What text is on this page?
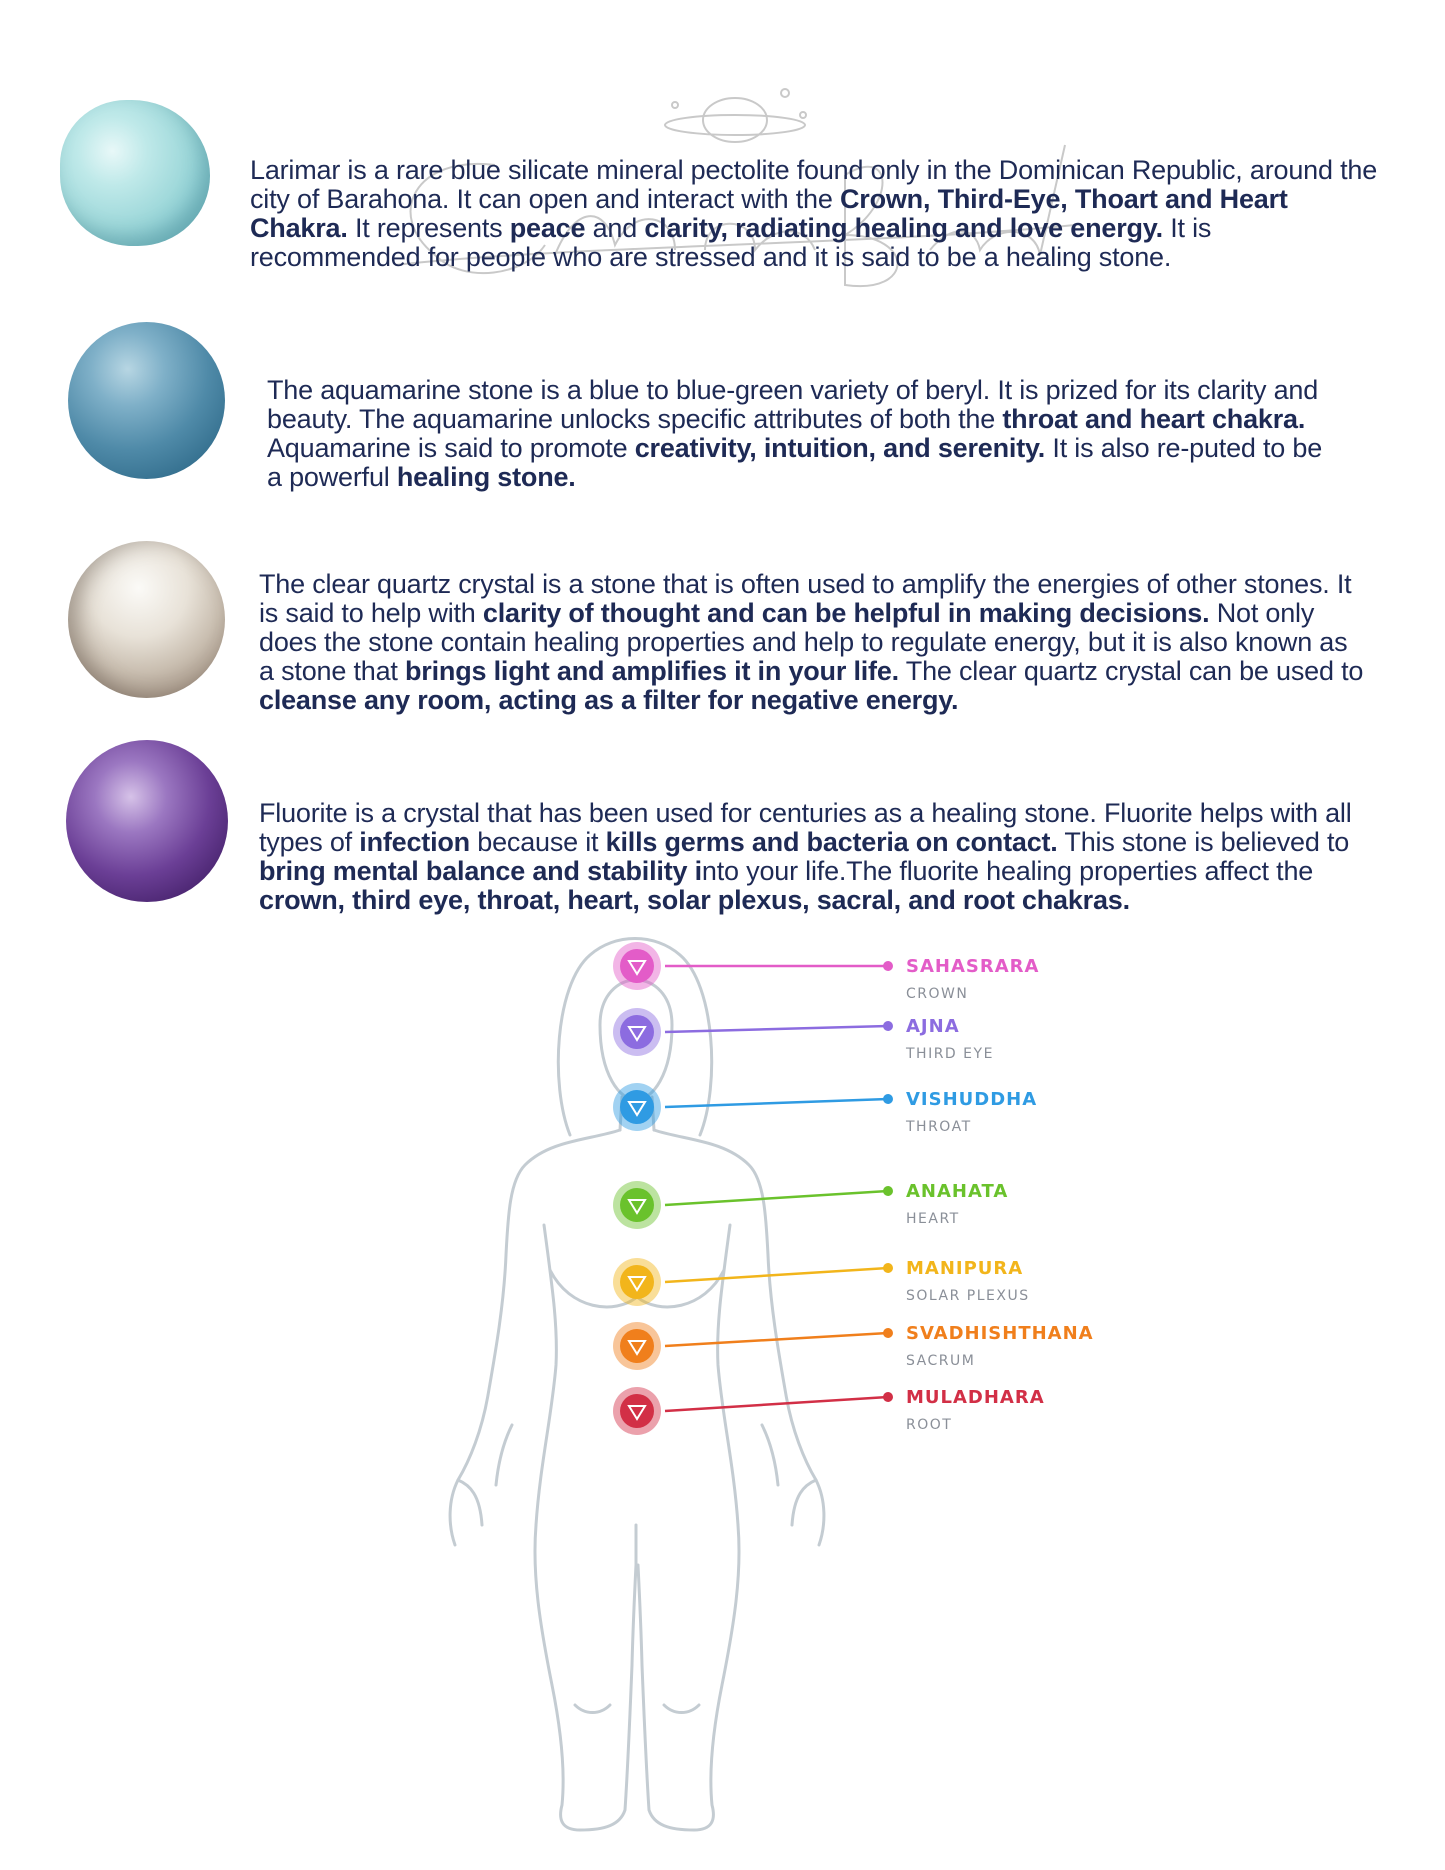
Larimar is a rare blue silicate mineral pectolite found only in the Dominican Republic, around the city of Barahona. It can open and interact with the Crown, Third-Eye, Thoart and Heart Chakra. It represents peace and clarity, radiating healing and love energy. It is recommended for people who are stressed and it is said to be a healing stone.

The aquamarine stone is a blue to blue-green variety of beryl. It is prized for its clarity and beauty. The aquamarine unlocks specific attributes of both the throat and heart chakra. Aquamarine is said to promote creativity, intuition, and serenity. It is also re-puted to be a powerful healing stone.

The clear quartz crystal is a stone that is often used to amplify the energies of other stones. It is said to help with clarity of thought and can be helpful in making decisions. Not only does the stone contain healing properties and help to regulate energy, but it is also known as a stone that brings light and amplifies it in your life. The clear quartz crystal can be used to cleanse any room, acting as a filter for negative energy.

Fluorite is a crystal that has been used for centuries as a healing stone. Fluorite helps with all types of infection because it kills germs and bacteria on contact. This stone is believed to bring mental balance and stability into your life.The fluorite healing properties affect the crown, third eye, throat, heart, solar plexus, sacral, and root chakras.

SAHASRARA
CROWN
AJNA
THIRD EYE
VISHUDDHA
THROAT
ANAHATA
HEART
MANIPURA
SOLAR PLEXUS
SVADHISHTHANA
SACRUM
MULADHARA
ROOT
